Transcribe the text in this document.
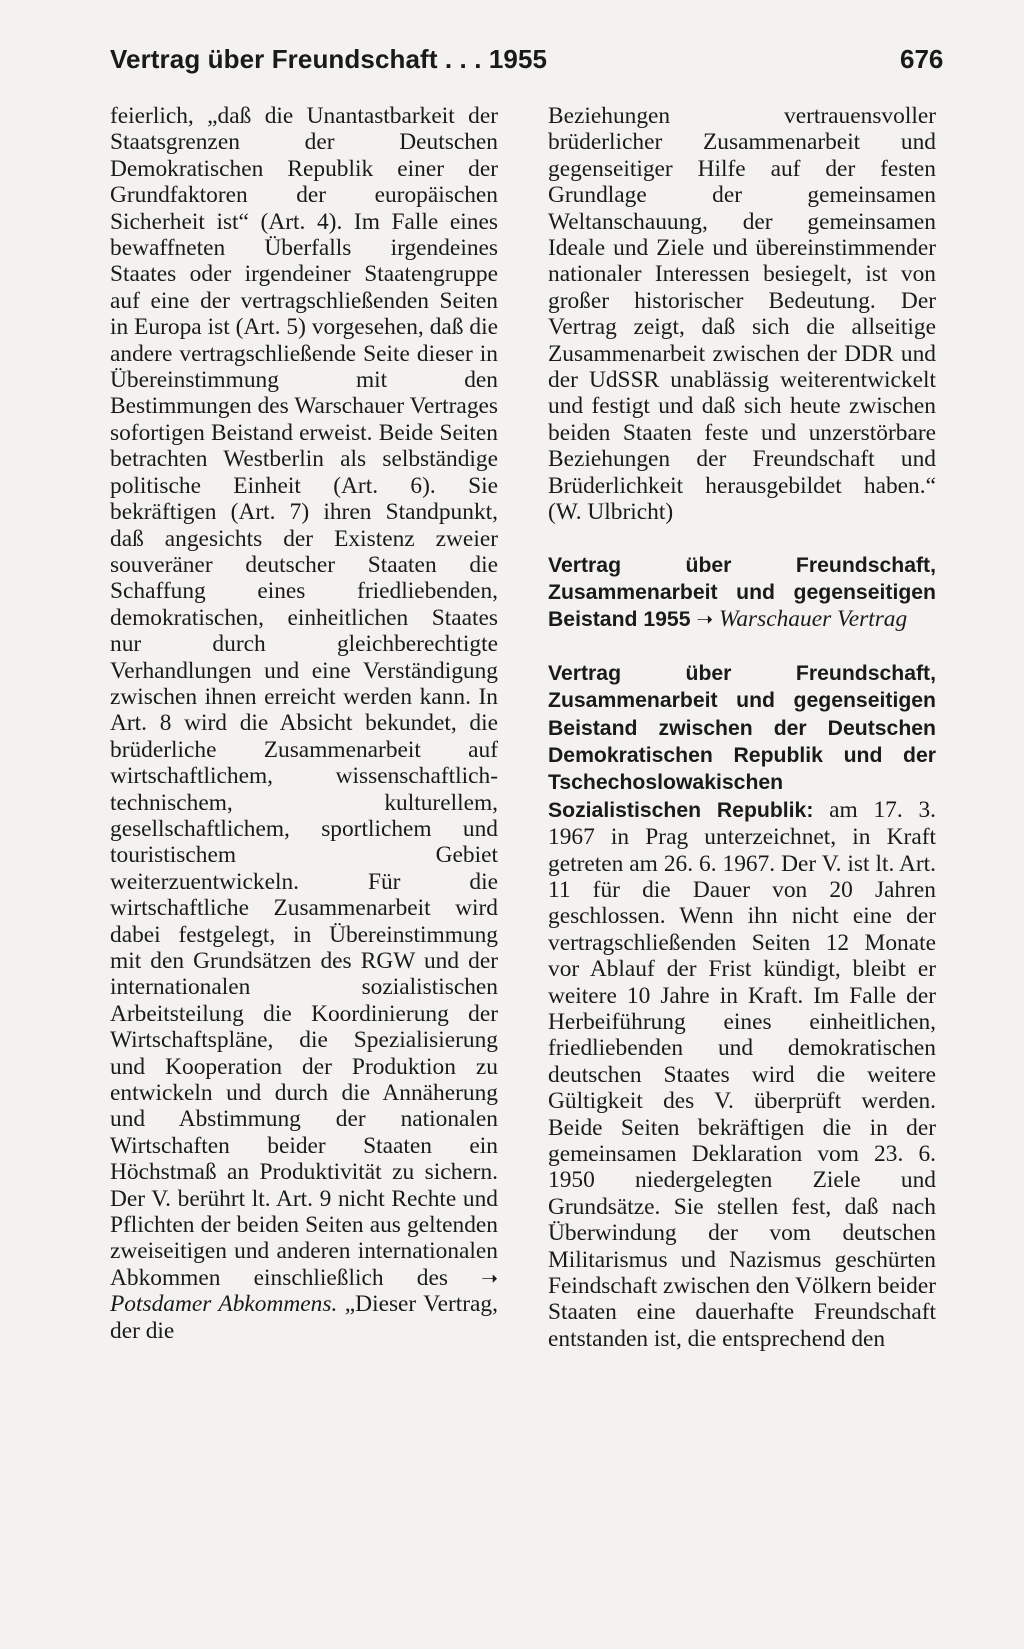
Vertrag über Freundschaft . . . 1955	676

feierlich, „daß die Unantastbarkeit der Staatsgrenzen der Deutschen Demokratischen Republik einer der Grundfaktoren der europäischen Sicherheit ist“ (Art. 4). Im Falle eines bewaffneten Überfalls irgendeines Staates oder irgendeiner Staatengruppe auf eine der vertragschließenden Seiten in Europa ist (Art. 5) vorgesehen, daß die andere vertragschließende Seite dieser in Übereinstimmung mit den Bestimmungen des Warschauer Vertrages sofortigen Beistand erweist. Beide Seiten betrachten Westberlin als selbständige politische Einheit (Art. 6). Sie bekräftigen (Art. 7) ihren Standpunkt, daß angesichts der Existenz zweier souveräner deutscher Staaten die Schaffung eines friedliebenden, demokratischen, einheitlichen Staates nur durch gleichberechtigte Verhandlungen und eine Verständigung zwischen ihnen erreicht werden kann. In Art. 8 wird die Absicht bekundet, die brüderliche Zusammenarbeit auf wirtschaftlichem, wissenschaftlich-technischem, kulturellem, gesellschaftlichem, sportlichem und touristischem Gebiet weiterzuentwickeln. Für die wirtschaftliche Zusammenarbeit wird dabei festgelegt, in Übereinstimmung mit den Grundsätzen des RGW und der internationalen sozialistischen Arbeitsteilung die Koordinierung der Wirtschaftspläne, die Spezialisierung und Kooperation der Produktion zu entwickeln und durch die Annäherung und Abstimmung der nationalen Wirtschaften beider Staaten ein Höchstmaß an Produktivität zu sichern. Der V. berührt lt. Art. 9 nicht Rechte und Pflichten der beiden Seiten aus geltenden zweiseitigen und anderen internationalen Abkommen einschließlich des ➝ Potsdamer Abkommens. „Dieser Vertrag, der die

Beziehungen vertrauensvoller brüderlicher Zusammenarbeit und gegenseitiger Hilfe auf der festen Grundlage der gemeinsamen Weltanschauung, der gemeinsamen Ideale und Ziele und übereinstimmender nationaler Interessen besiegelt, ist von großer historischer Bedeutung. Der Vertrag zeigt, daß sich die allseitige Zusammenarbeit zwischen der DDR und der UdSSR unablässig weiterentwickelt und festigt und daß sich heute zwischen beiden Staaten feste und unzerstörbare Beziehungen der Freundschaft und Brüderlichkeit herausgebildet haben.“ (W. Ulbricht)

Vertrag über Freundschaft, Zusammenarbeit und gegenseitigen Beistand 1955 ➝ Warschauer Vertrag

Vertrag über Freundschaft, Zusammenarbeit und gegenseitigen Beistand zwischen der Deutschen Demokratischen Republik und der Tschechoslowakischen Sozialistischen Republik: am 17. 3. 1967 in Prag unterzeichnet, in Kraft getreten am 26. 6. 1967. Der V. ist lt. Art. 11 für die Dauer von 20 Jahren geschlossen. Wenn ihn nicht eine der vertragschließenden Seiten 12 Monate vor Ablauf der Frist kündigt, bleibt er weitere 10 Jahre in Kraft. Im Falle der Herbeiführung eines einheitlichen, friedliebenden und demokratischen deutschen Staates wird die weitere Gültigkeit des V. überprüft werden. Beide Seiten bekräftigen die in der gemeinsamen Deklaration vom 23. 6. 1950 niedergelegten Ziele und Grundsätze. Sie stellen fest, daß nach Überwindung der vom deutschen Militarismus und Nazismus geschürten Feindschaft zwischen den Völkern beider Staaten eine dauerhafte Freundschaft entstanden ist, die entsprechend den
